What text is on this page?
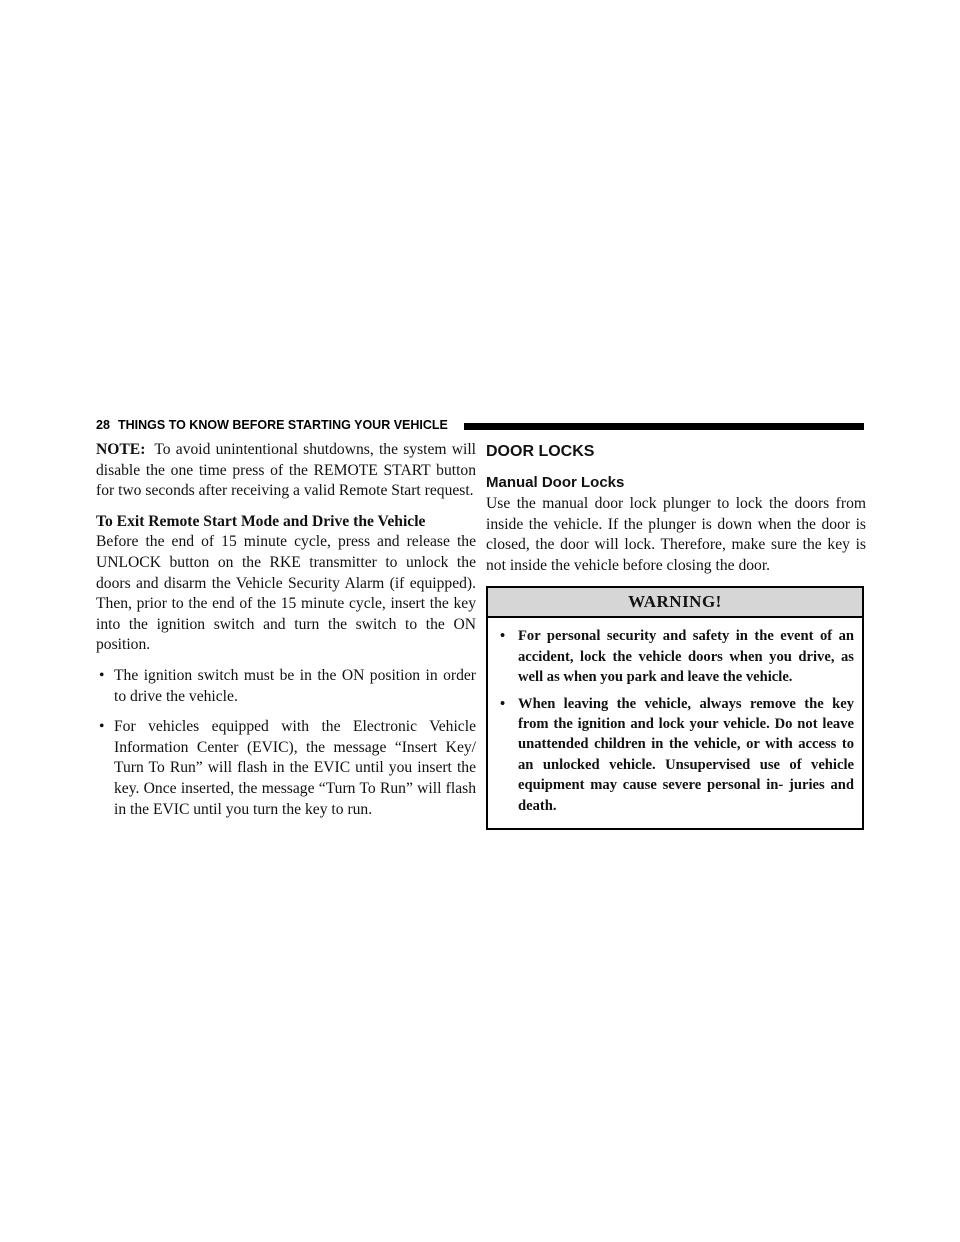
28 THINGS TO KNOW BEFORE STARTING YOUR VEHICLE

NOTE: To avoid unintentional shutdowns, the system will disable the one time press of the REMOTE START button for two seconds after receiving a valid Remote Start request.

To Exit Remote Start Mode and Drive the Vehicle

Before the end of 15 minute cycle, press and release the UNLOCK button on the RKE transmitter to unlock the doors and disarm the Vehicle Security Alarm (if equipped). Then, prior to the end of the 15 minute cycle, insert the key into the ignition switch and turn the switch to the ON position.

• The ignition switch must be in the ON position in order to drive the vehicle.
• For vehicles equipped with the Electronic Vehicle Information Center (EVIC), the message “Insert Key/ Turn To Run” will flash in the EVIC until you insert the key. Once inserted, the message “Turn To Run” will flash in the EVIC until you turn the key to run.
DOOR LOCKS
Manual Door Locks

Use the manual door lock plunger to lock the doors from inside the vehicle. If the plunger is down when the door is closed, the door will lock. Therefore, make sure the key is not inside the vehicle before closing the door.

WARNING!
• For personal security and safety in the event of an accident, lock the vehicle doors when you drive, as well as when you park and leave the vehicle.
• When leaving the vehicle, always remove the key from the ignition and lock your vehicle. Do not leave unattended children in the vehicle, or with access to an unlocked vehicle. Unsupervised use of vehicle equipment may cause severe personal in- juries and death.
